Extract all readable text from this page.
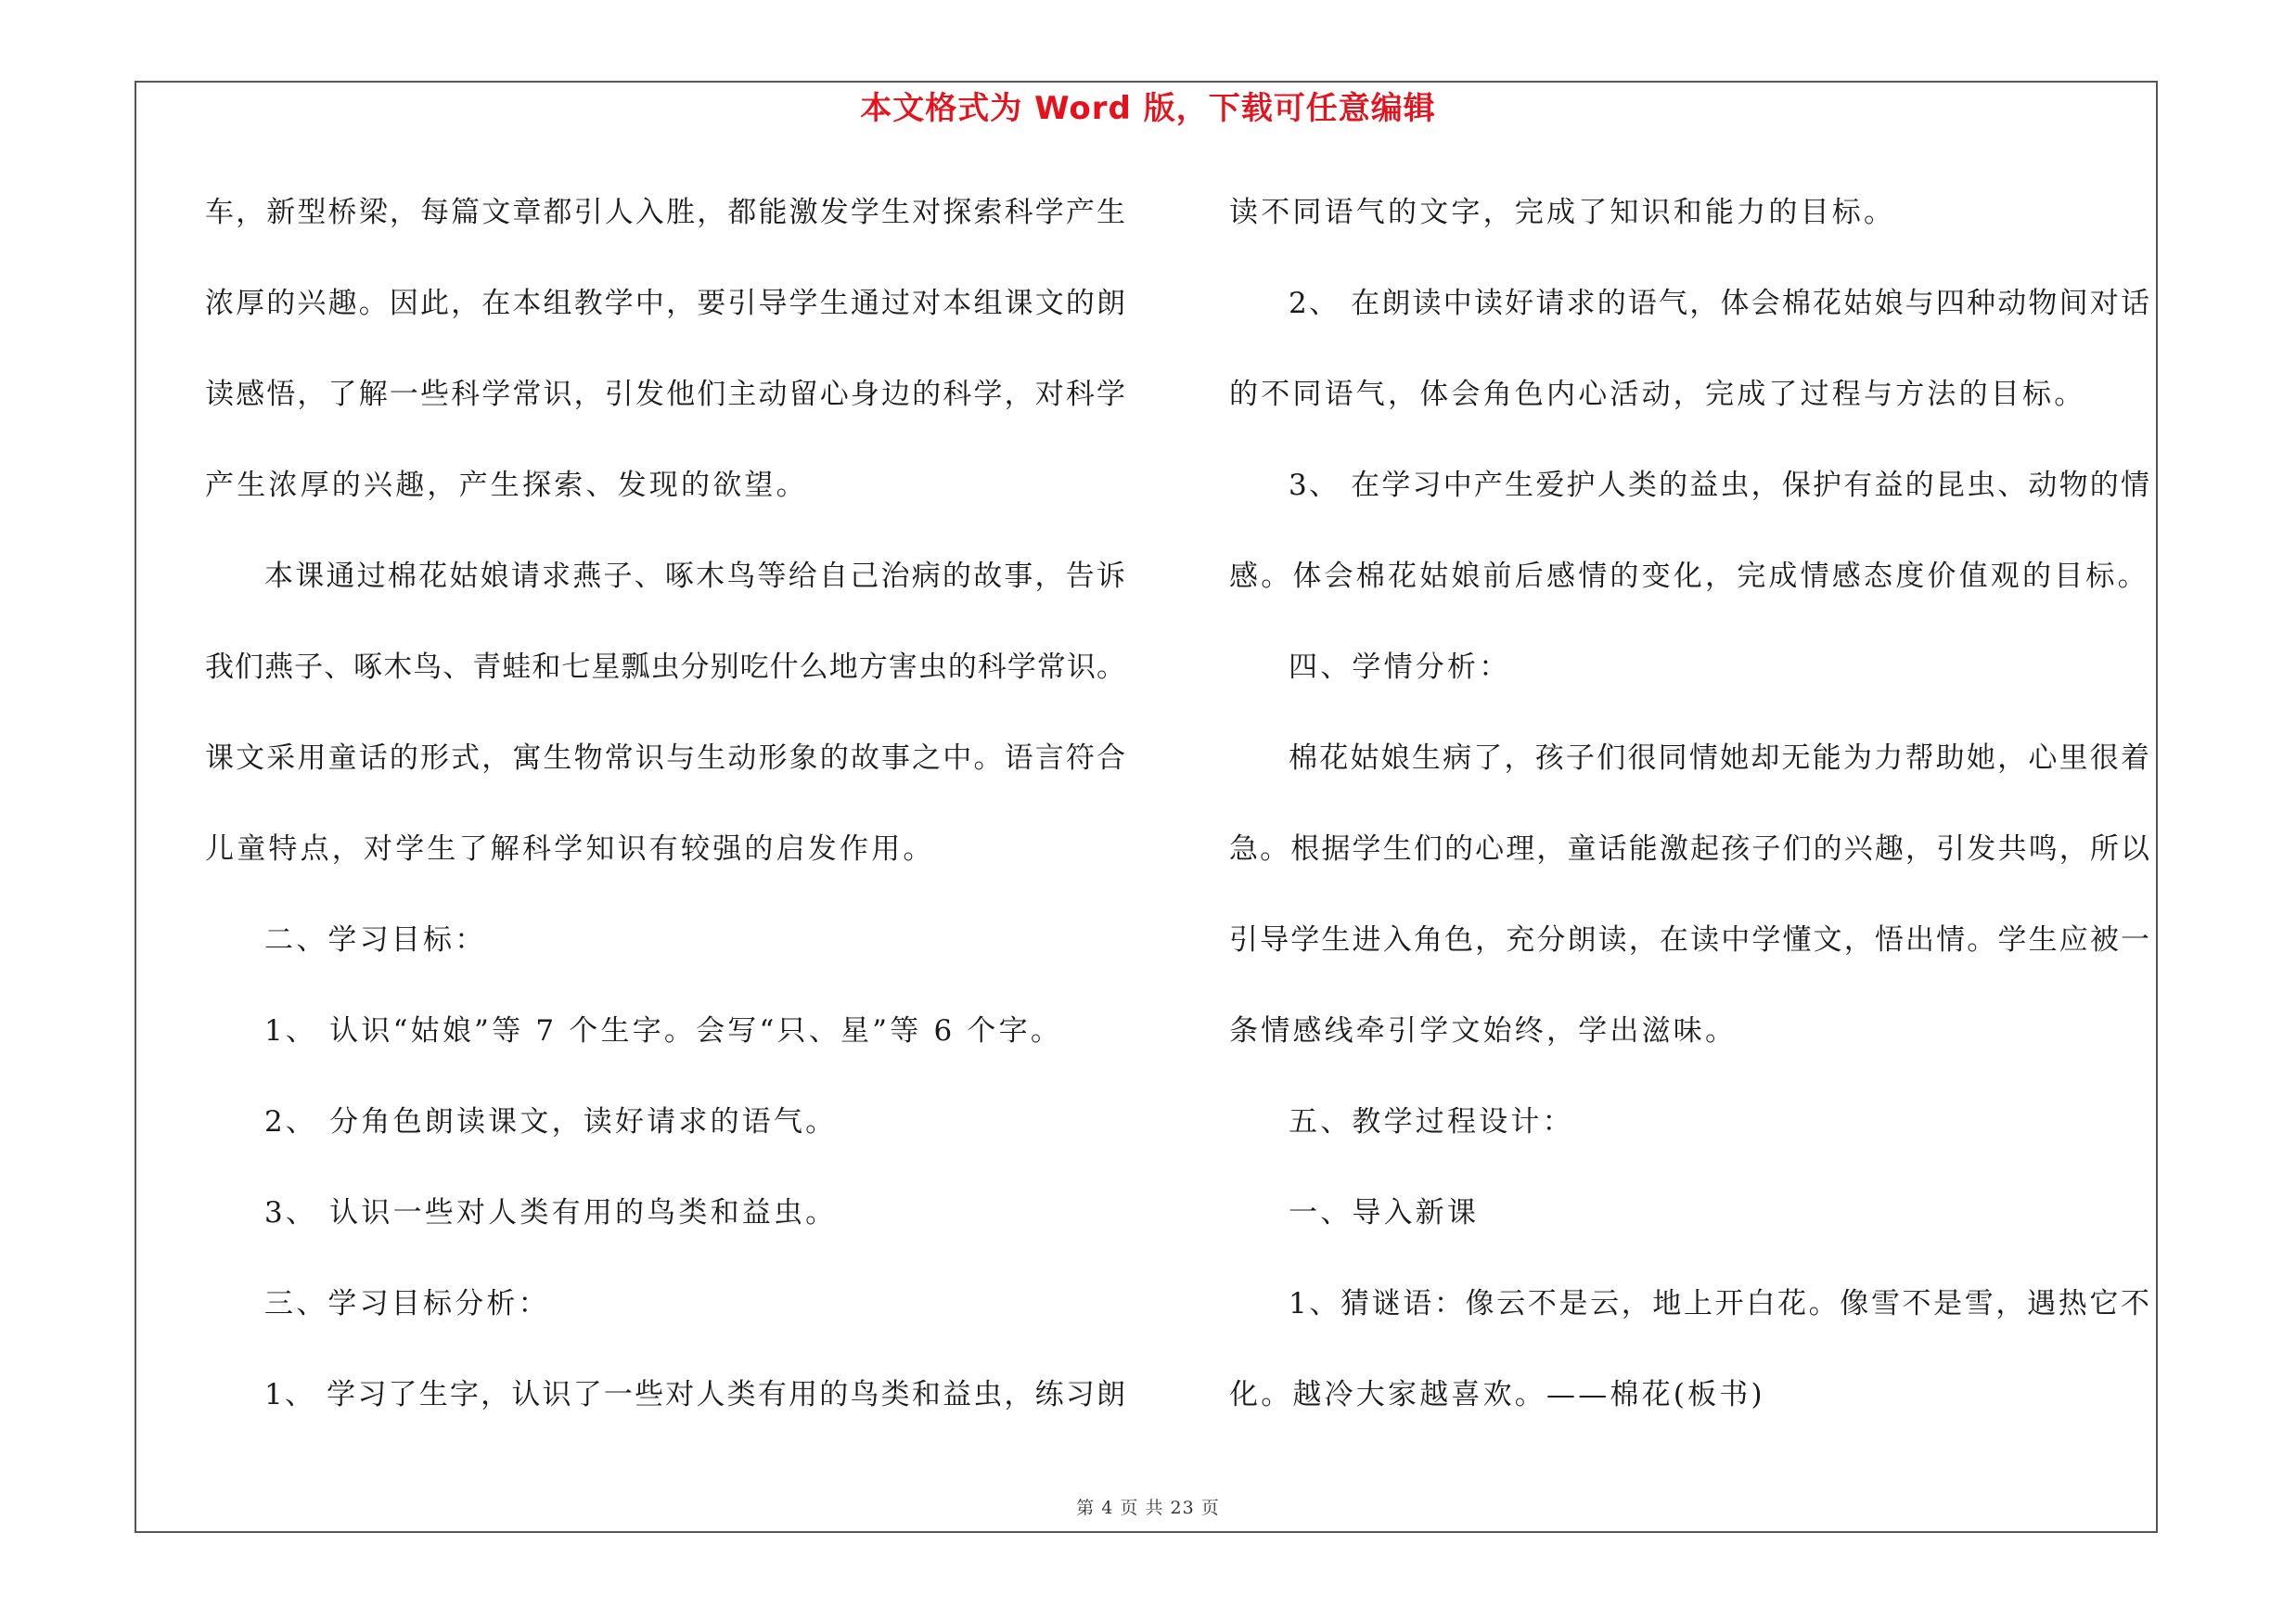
本文格式为 Word 版，下载可任意编辑
车，新型桥梁，每篇文章都引人入胜，都能激发学生对探索科学产生
浓厚的兴趣。因此，在本组教学中，要引导学生通过对本组课文的朗
读感悟，了解一些科学常识，引发他们主动留心身边的科学，对科学
产生浓厚的兴趣，产生探索、发现的欲望。
本课通过棉花姑娘请求燕子、啄木鸟等给自己治病的故事，告诉
我们燕子、啄木鸟、青蛙和七星瓢虫分别吃什么地方害虫的科学常识。
课文采用童话的形式，寓生物常识与生动形象的故事之中。语言符合
儿童特点，对学生了解科学知识有较强的启发作用。
二、学习目标：
1、 认识“姑娘”等 7 个生字。会写“只、星”等 6 个字。
2、 分角色朗读课文，读好请求的语气。
3、 认识一些对人类有用的鸟类和益虫。
三、学习目标分析：
1、 学习了生字，认识了一些对人类有用的鸟类和益虫，练习朗
读不同语气的文字，完成了知识和能力的目标。
2、 在朗读中读好请求的语气，体会棉花姑娘与四种动物间对话
的不同语气，体会角色内心活动，完成了过程与方法的目标。
3、 在学习中产生爱护人类的益虫，保护有益的昆虫、动物的情
感。体会棉花姑娘前后感情的变化，完成情感态度价值观的目标。
四、学情分析：
棉花姑娘生病了，孩子们很同情她却无能为力帮助她，心里很着
急。根据学生们的心理，童话能激起孩子们的兴趣，引发共鸣，所以
引导学生进入角色，充分朗读，在读中学懂文，悟出情。学生应被一
条情感线牵引学文始终，学出滋味。
五、教学过程设计：
一、导入新课
1、猜谜语：像云不是云，地上开白花。像雪不是雪，遇热它不
化。越冷大家越喜欢。——棉花(板书)
第 4 页 共 23 页
